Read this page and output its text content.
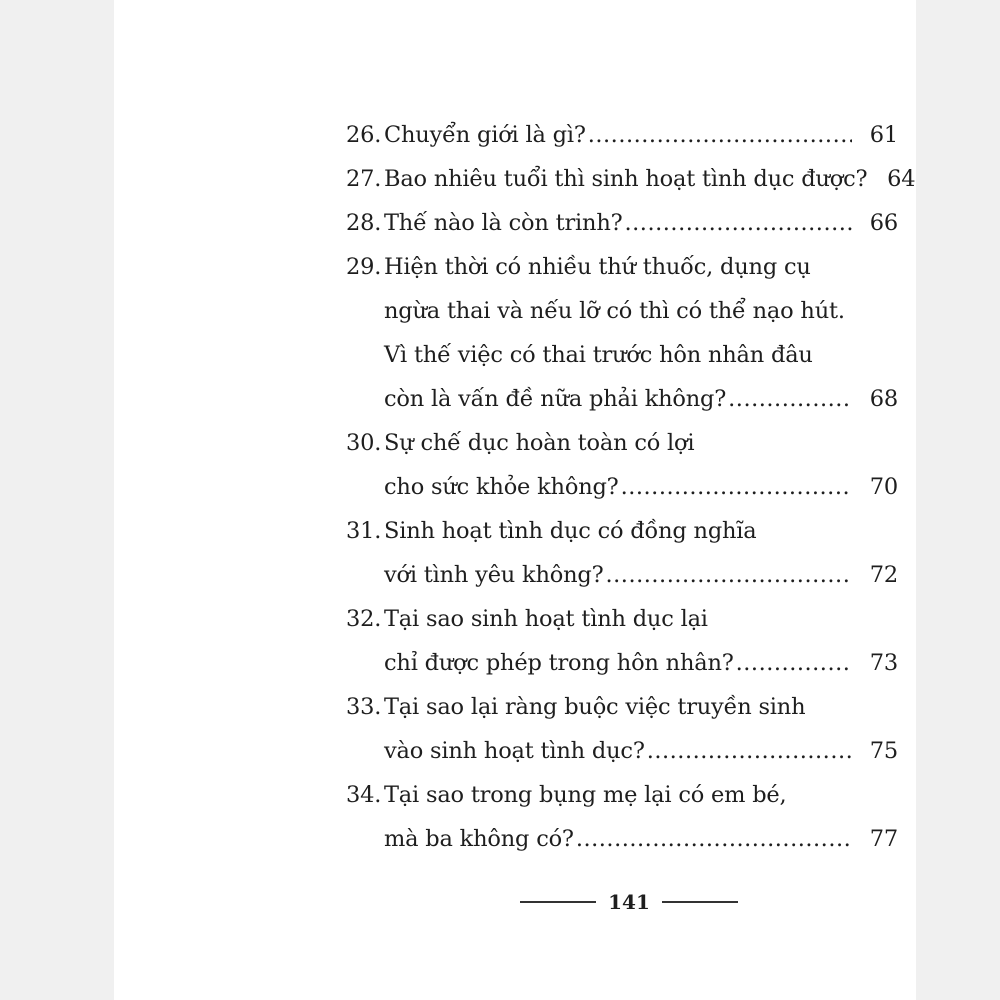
26. Chuyển giới là gì? .....	61
27. Bao nhiêu tuổi thì sinh hoạt tình dục được? 64
28. Thế nào là còn trinh? .....	66
29. Hiện thời có nhiều thứ thuốc, dụng cụ
ngừa thai và nếu lỡ có thì có thể nạo hút.
Vì thế việc có thai trước hôn nhân đâu
còn là vấn đề nữa phải không? .....	68
30. Sự chế dục hoàn toàn có lợi
cho sức khỏe không? .....	70
31. Sinh hoạt tình dục có đồng nghĩa
với tình yêu không? .....	72
32. Tại sao sinh hoạt tình dục lại
chỉ được phép trong hôn nhân? .....	73
33. Tại sao lại ràng buộc việc truyền sinh
vào sinh hoạt tình dục? .....	75
34. Tại sao trong bụng mẹ lại có em bé,
mà ba không có? .....	77
141
